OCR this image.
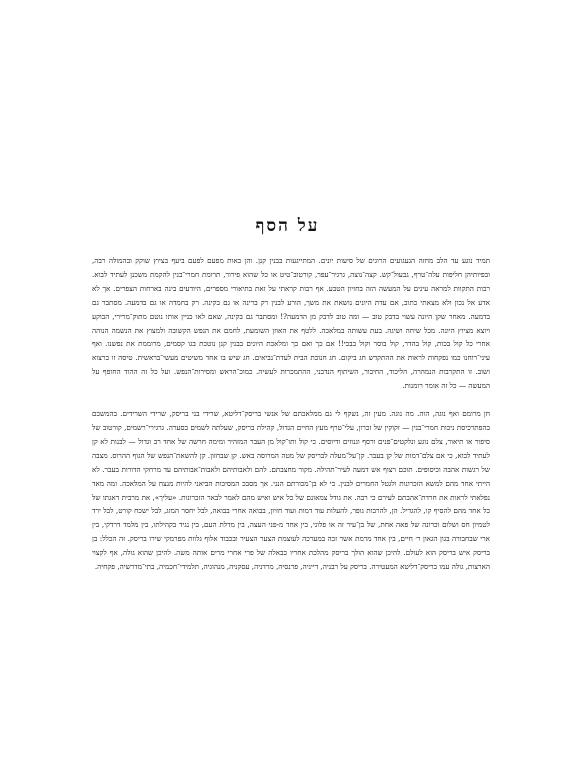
על הסף

תמיד נוגע עד הלב מחזה הגעגועים הרוגים של סיעות יונים. המתייגעות בבנין קנן. והן באות מפעם לפעם ביעף בציוץ שוקק ובהמולה רבה, ובפיותיהן חליפות עלה־טרף, גבעול־קש. קצה־נוצה, גרגיר־עפר, קורטוב־טיט או כל שהוא פירור, תרומת חמרי־בנין להקמת משכנן לעתיד לבוא. רבות התקוות למראה עינים על המעשה הזה בחזיון הטבע. אף רבות קראתי על זאת בתיאורי מספרים, היודעים בינה בארחות הצפרים. אך לא אדע אל נכון ולא מצאתי כתוב, אם עדת היונים נושאת את משך, הורע לבנין רק ברינה או גם בקינה. רק בחמדה או גם בדמעה. מסתבר גם בדמעה. מאחר שקן היונה עשוי בדבק טוב — ומה טוב לדבק מן הדמעה?! ומסתבר גם בקינה, שאם לאו כניין אותו נוטם מתוק־מרירי, הבוקע ויוצא מציוץ היונה. מכל שיחה ושיגה. בעת עשותה במלאכה. ללטף את האוזן השומעת, לחמם את הנפש הקשובה ולמצוץ את הנשמה הנוהה אחרי כל קול בכות, קול בהדר, קול בוסר וקול בבכי!! אם כך ואם כך ומלאכת היונים בבנין קנן נוטכת בגו קסמים, מרוממת את נפשנו. ואף עיני־רוחנו כמו נפקחות לראות את ההתקדש חג ביקום. חג חנוכת הבית לעדת־נביאים. חג שיש בו אחד משיטים מעשי־בראשית. טיסה זו ברצוא ושוב. זו התקרבות הנמהרה, הליכוד, החיבור, השיתוף הנדבני, ההתמכרות לעשיה. כמוכ־הראש ומסירות־הנפש. ועל כל זה ההוד החופף על המעשה — כל זה אומר רומנות.

חן מרומם ואף נוגה, הוה. מה נוגה. מעין זה, נשקף לי גם ממלאכתם של אנשי בריסק־דליטא, שרידי בני בריסק, שרידי השרידים. בהמשכם בהפתרכיסת ניכות חמרי־בנין — זקוקין של זכרון, עלי־טרף מעץ החיים הגדול, קהילת בריסק, שעלתה לשמים בסערה. גרגירי־רשמים, קורטוב של סיפור או תיאור, צלם נוגע ונלקטים־פנים ורסף וגנוזים ודיוסים. כי קול ותו־קול מן העבר המזהיר ומימה חרשה של אחד רב וגדול — לבנות לא קן לעתיד לבוא, כי אם צלם־דמות של קן בעבר. קן־על־מעלה לבריסק של מטה המרוסה באש. קן שבחזון. קן להשאת־הנפש של הגוף ההרוס. מצבה של רגשות אהבה וכיסופים. תוכם רצוף אש דמעה לעיר־תהילה. מקור מחצבתם. להם ולאבותיהם ולאבות־אבותיהם עד מרחקי הדורות בעבר. לא הייתי אחד מהם למשא הזכרונות ולגטל החמרים לבנין. כי לא בן־מכורתם הנני. אך מסבכ המסיבות הביאני להיות מנצח על המלאכה. ומה מאד נפלאתי לראות את חרדת־אהבתם לעירם כי רבה. את גודל צמאונם של כל איש ואיש מהם לאמר לבאר הזכרונות. «עליך», את מרבית דאגתו של כל אחד מהם להסיף קו, להגדיל. הן, להרבות גופר, להעלות עוד דמות ועוד חזיון, בבואה אחרי בבואה, לבל יחסר המזג, לבל ישכח קורט, לבל ירד לטמיון חס ושלום וכרונה של פאה אחת, של בן־עיר זה או פלוני, בין אחד מ-פני העצה, בין מדלת העם, בין נגיד בקהילתו, בין מלמד דרדקי, בין ארי שבחבורה בגון הגאון ר׳ חיים, בין אחד מרמת אשר זכה במערכה לעוצמת הצער הצעיר ובכבוד אלוף גלוות מפרמקי שירו בריסק. זה הכלל: בן בריסק איש בריסק הוא לעולם. להיכן שהוא הולך בריסק מהלכת אחריו כבאלה של פרי אחרי מרים אותה משה. להיכן שהוא גולה, אף לקצוי הארצות, גולה עמו בריסק־דליטא המעטירה. בריסק על רבניה, דייניה, פרנסיה, מרדניה, עסקניה, מנהוגיה, תלמידי־חכמיה, בתי־מדרשיה, פקחיה.
